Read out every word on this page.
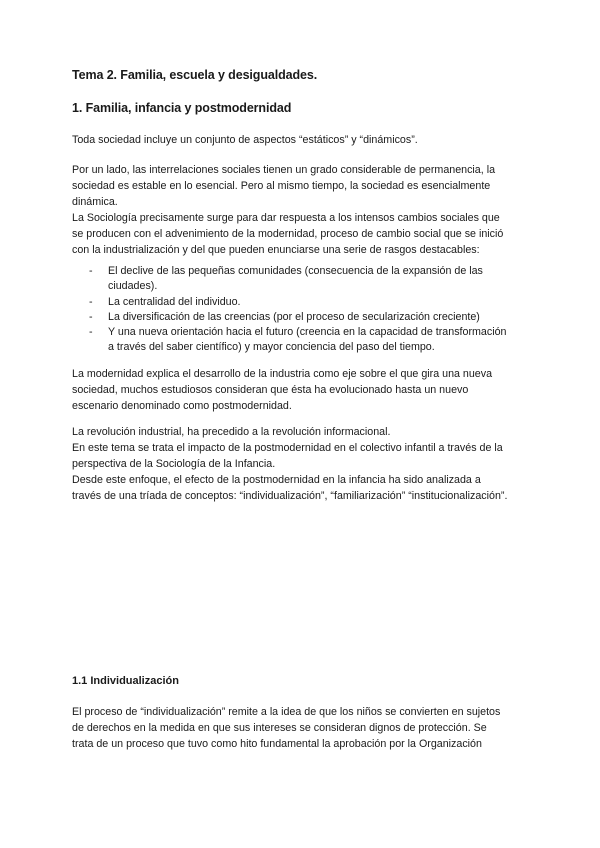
Tema 2. Familia, escuela y desigualdades.
1. Familia, infancia y postmodernidad

Toda sociedad incluye un conjunto de aspectos “estáticos” y “dinámicos”.

Por un lado, las interrelaciones sociales tienen un grado considerable de permanencia, la
sociedad es estable en lo esencial. Pero al mismo tiempo, la sociedad es esencialmente
dinámica.
La Sociología precisamente surge para dar respuesta a los intensos cambios sociales que
se producen con el advenimiento de la modernidad, proceso de cambio social que se inició
con la industrialización y del que pueden enunciarse una serie de rasgos destacables:
- El declive de las pequeñas comunidades (consecuencia de la expansión de las
ciudades).
- La centralidad del individuo.
- La diversificación de las creencias (por el proceso de secularización creciente)
- Y una nueva orientación hacia el futuro (creencia en la capacidad de transformación
a través del saber científico) y mayor conciencia del paso del tiempo.
La modernidad explica el desarrollo de la industria como eje sobre el que gira una nueva
sociedad, muchos estudiosos consideran que ésta ha evolucionado hasta un nuevo
escenario denominado como postmodernidad.
La revolución industrial, ha precedido a la revolución informacional.
En este tema se trata el impacto de la postmodernidad en el colectivo infantil a través de la
perspectiva de la Sociología de la Infancia.
Desde este enfoque, el efecto de la postmodernidad en la infancia ha sido analizada a
través de una tríada de conceptos: “individualización”, “familiarización” “institucionalización”.
1.1 Individualización
El proceso de “individualización” remite a la idea de que los niños se convierten en sujetos
de derechos en la medida en que sus intereses se consideran dignos de protección. Se
trata de un proceso que tuvo como hito fundamental la aprobación por la Organización
